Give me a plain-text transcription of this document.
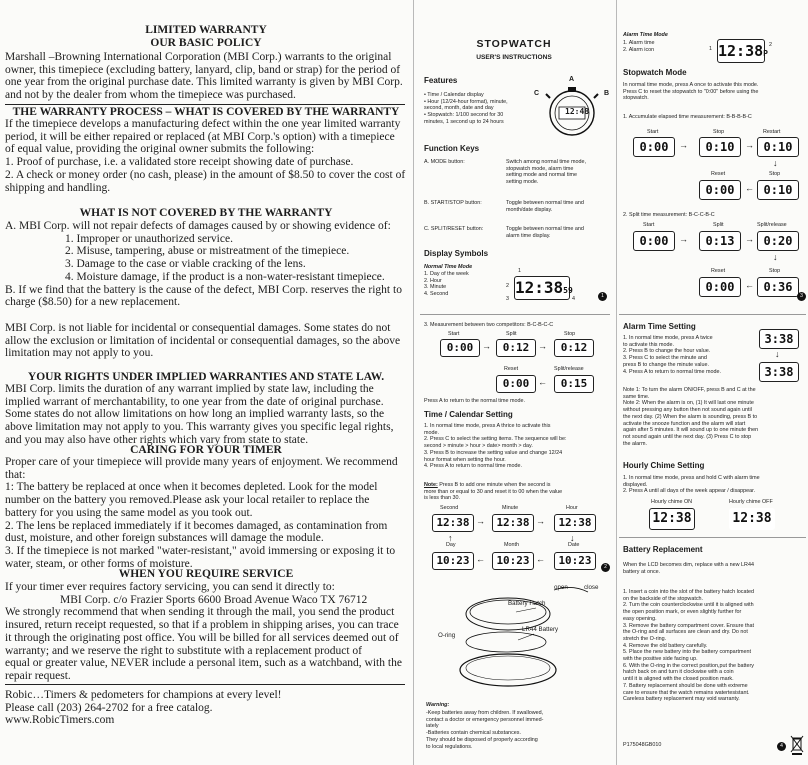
LIMITED WARRANTY
OUR BASIC POLICY
Marshall –Browning International Corporation (MBI Corp.) warrants to the original
owner, this timepiece (excluding battery, lanyard, clip, band or strap) for the period of
one year from the original purchase date. This limited warranty is given by MBI Corp.
and not by the dealer from whom the timepiece was purchased.
THE WARRANTY PROCESS – WHAT IS COVERED BY THE WARRANTY
If the timepiece develops a manufacturing defect within the one year limited warranty
period, it will be either repaired or replaced (at MBI Corp.'s option) with a timepiece
of equal value, providing the original owner submits the following:
1. Proof of purchase, i.e. a validated store receipt showing date of purchase.
2. A check or money order (no cash, please) in the amount of $8.50 to cover the cost of
shipping and handling.
WHAT IS NOT COVERED BY THE WARRANTY
A. MBI Corp. will not repair defects of damages caused by or showing evidence of:
1. Improper or unauthorized service.
2. Misuse, tampering, abuse or mistreatment of the timepiece.
3. Damage to the case or viable cracking of the lens.
4. Moisture damage, if the product is a non-water-resistant timepiece.
B. If we find that the battery is the cause of the defect, MBI Corp. reserves the right to
charge ($8.50) for a new replacement.
MBI Corp. is not liable for incidental or consequential damages. Some states do not
allow the exclusion or limitation of incidental or consequential damages, so the above
limitation may not apply to you.
YOUR RIGHTS UNDER IMPLIED WARRANTIES AND STATE LAW.
MBI Corp. limits the duration of any warrant implied by state law, including the
implied warrant of merchantability, to one year from the date of original purchase.
Some states do not allow limitations on how long an implied warranty lasts, so the
above limitation may not apply to you. This warranty gives you specific legal rights,
and you may also have other rights which vary from state to state.
CARING FOR YOUR TIMER
Proper care of your timepiece will provide many years of enjoyment. We recommend
that:
1: The battery be replaced at once when it becomes depleted. Look for the model
number on the battery you removed.Please ask your local retailer to replace the
battery for you using the same model as you took out.
2. The lens be replaced immediately if it becomes damaged, as contamination from
dust, moisture, and other foreign substances will damage the module.
3. If the timepiece is not marked "water-resistant," avoid immersing or exposing it to
water, steam, or other forms of moisture.
WHEN YOU REQUIRE SERVICE
If your timer ever requires factory servicing, you can send it directly to:
MBI Corp. c/o Frazier Sports 6600 Broad Avenue Waco TX 76712
We strongly recommend that when sending it through the mail, you send the product
insured, return receipt requested, so that if a problem in shipping arises, you can trace
it through the originating post office. You will be billed for all services deemed out of
warranty; and we reserve the right to substitute with a replacement product of
equal or greater value, NEVER include a personal item, such as a watchband, with the
repair request.
Robic…Timers & pedometers for champions at every level!
Please call (203) 264-2702 for a free catalog.
www.RobicTimers.com
STOPWATCH
USER'S INSTRUCTIONS
Features
• Time / Calendar display
• Hour (12/24-hour format), minute,
second, month, date and day
• Stopwatch: 1/100 second for 30
minutes, 1 second up to 24 hours
12:48
A
B
C
Function Keys
A. MODE button:	Switch among normal time mode,
stopwatch mode, alarm time
setting mode and normal time
setting mode.
B. START/STOP button:	Toggle between normal time and
month/date display.
C. SPLIT/RESET button:	Toggle between normal time and
alarm time display.
Display Symbols
Normal Time Mode
1. Day of the week
2. Hour
3. Minute
4. Second	12:3859
1
2
3	4	1
3. Measurement between two competitors: B-C-B-C-C
Start	Split	Stop
0:00 →	0:12 →	0:12
Reset	Split/release
0:00 ←	0:15
Press A to return to the normal time mode.
Time / Calendar Setting
1. In normal time mode, press A thrice to activate this
mode.
2. Press C to select the setting items. The sequence will be:
second > minute > hour > date> month > day.
3. Press B to increase the setting value and change 12/24
hour format when setting the hour.
4. Press A to return to normal time mode.
Note: Press B to add one minute when the second is
more than or equal to 30 and reset it to 00 when the value
is less than 30.
Second	Minute	Hour
12:38 →	12:38 →	12:38
↑	↓
Day	Month	Date
10:23 ←	10:23 ←	10:23	2
open	close
Battery Hatch
LR44 Battery
O-ring
Warning:
-Keep batteries away from children. If swallowed,
contact a doctor or emergency personnel immed-
iately
-Batteries contain chemical substances.
They should be disposed of properly according
to local regulations.
Alarm Time Mode
1. Alarm time
2. Alarm icon	12:38P
1
2
Stopwatch Mode
In normal time mode, press A once to activate this mode.
Press C to reset the stopwatch to "0:00" before using the
stopwatch.
1. Accumulate elapsed time measurement: B-B-B-B-C
Start	Stop	Restart
0:00	→	0:10	→ 0:10
Reset	Stop
↓
0:00	← 0:10
2. Split time measurement: B-C-C-B-C
Start	Split	Split/release
0:00	→	0:13	→ 0:20
↓
Reset	Stop
0:00	← 0:36
3
Alarm Time Setting
1. In normal time mode, press A twice
to activate this mode.
2. Press B to change the hour value.
3. Press C to select the minute and
press B to change the minute value.
4. Press A to return to normal time mode.
3:38
↓
3:38
Note 1: To turn the alarm ON/OFF, press B and C at the
same time.
Note 2: When the alarm is on, (1) It will last one minute
without pressing any button then not sound again until
the next day. (2) When the alarm is sounding, press B to
activate the snooze function and the alarm will start
again after 5 minutes. It will sound up to one minute then
not sound again until the next day. (3) Press C to stop
the alarm.
Hourly Chime Setting
1. In normal time mode, press and hold C with alarm time
displayed.
2. Press A until all days of the week appear / disappear.
Hourly chime ON	Hourly chime OFF
12:38	12:38
Battery Replacement
When the LCD becomes dim, replace with a new LR44
battery at once.
1. Insert a coin into the slot of the battery hatch located
on the backside of the stopwatch.
2. Turn the coin counterclockwise until it is aligned with
the open position mark, or even slightly further for
easy opening.
3. Remove the battery compartment cover. Ensure that
the O-ring and all surfaces are clean and dry. Do not
stretch the O-ring.
4. Remove the old battery carefully.
5. Place the new battery into the battery compartment
with the positive side facing up.
6. With the O-ring in the correct position,put the battery
hatch back on and turn it clockwise with a coin
until it is aligned with the closed position mark.
7. Battery replacement should be done with extreme
care to ensure that the watch remains watertesistant.
Careless battery replacement may void warranty.
P175048GB010	4
